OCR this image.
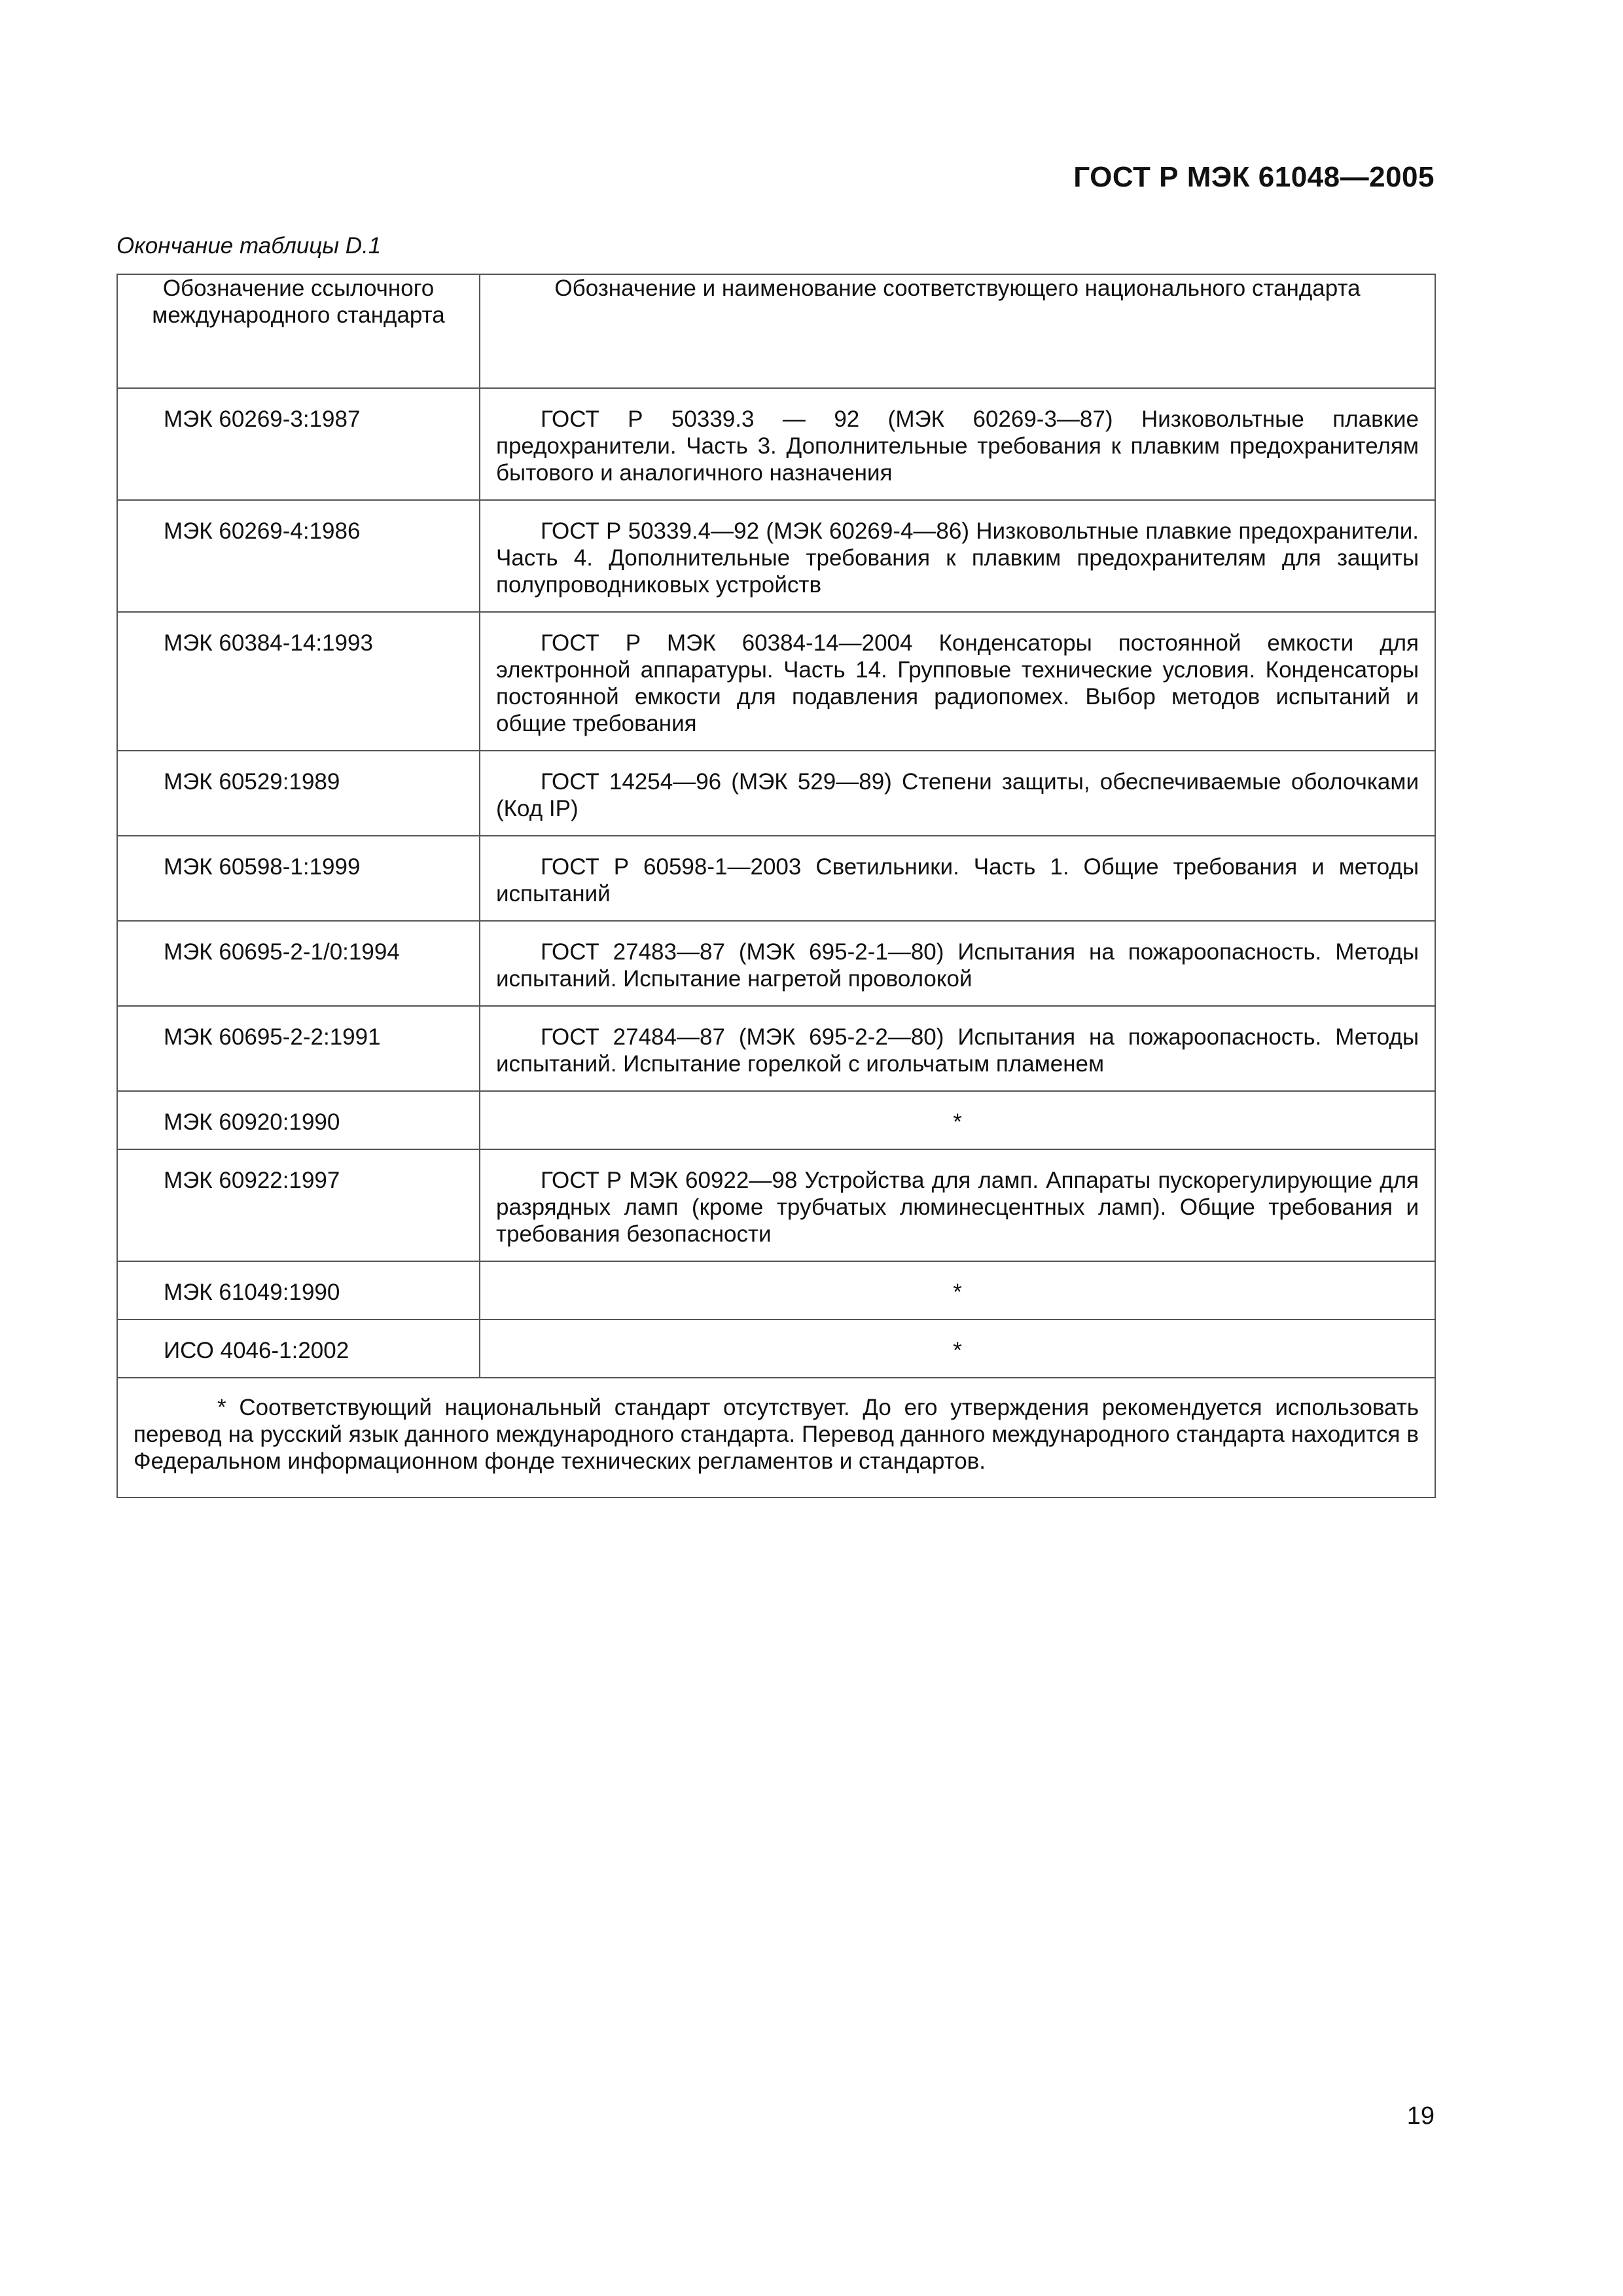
ГОСТ Р МЭК 61048—2005
Окончание таблицы D.1
Обозначение ссылочного международного стандарта	Обозначение и наименование соответствующего национального стандарта
МЭК 60269-3:1987	ГОСТ Р 50339.3 — 92 (МЭК 60269-3—87) Низковольтные плавкие предохранители. Часть 3. Дополнительные требования к плавким предохранителям бытового и аналогичного назначения
МЭК 60269-4:1986	ГОСТ Р 50339.4—92 (МЭК 60269-4—86) Низковольтные плавкие предохранители. Часть 4. Дополнительные требования к плавким предохранителям для защиты полупроводниковых устройств
МЭК 60384-14:1993	ГОСТ Р МЭК 60384-14—2004 Конденсаторы постоянной емкости для электронной аппаратуры. Часть 14. Групповые технические условия. Конденсаторы постоянной емкости для подавления радиопомех. Выбор методов испытаний и общие требования
МЭК 60529:1989	ГОСТ 14254—96 (МЭК 529—89) Степени защиты, обеспечиваемые оболочками (Код IP)
МЭК 60598-1:1999	ГОСТ Р 60598-1—2003 Светильники. Часть 1. Общие требования и методы испытаний
МЭК 60695-2-1/0:1994	ГОСТ 27483—87 (МЭК 695-2-1—80) Испытания на пожароопасность. Методы испытаний. Испытание нагретой проволокой
МЭК 60695-2-2:1991	ГОСТ 27484—87 (МЭК 695-2-2—80) Испытания на пожароопасность. Методы испытаний. Испытание горелкой с игольчатым пламенем
МЭК 60920:1990	*
МЭК 60922:1997	ГОСТ Р МЭК 60922—98 Устройства для ламп. Аппараты пускорегулирующие для разрядных ламп (кроме трубчатых люминесцентных ламп). Общие требования и требования безопасности
МЭК 61049:1990	*
ИСО 4046-1:2002	*

* Соответствующий национальный стандарт отсутствует. До его утверждения рекомендуется использовать перевод на русский язык данного международного стандарта. Перевод данного международного стандарта находится в Федеральном информационном фонде технических регламентов и стандартов.	
19
